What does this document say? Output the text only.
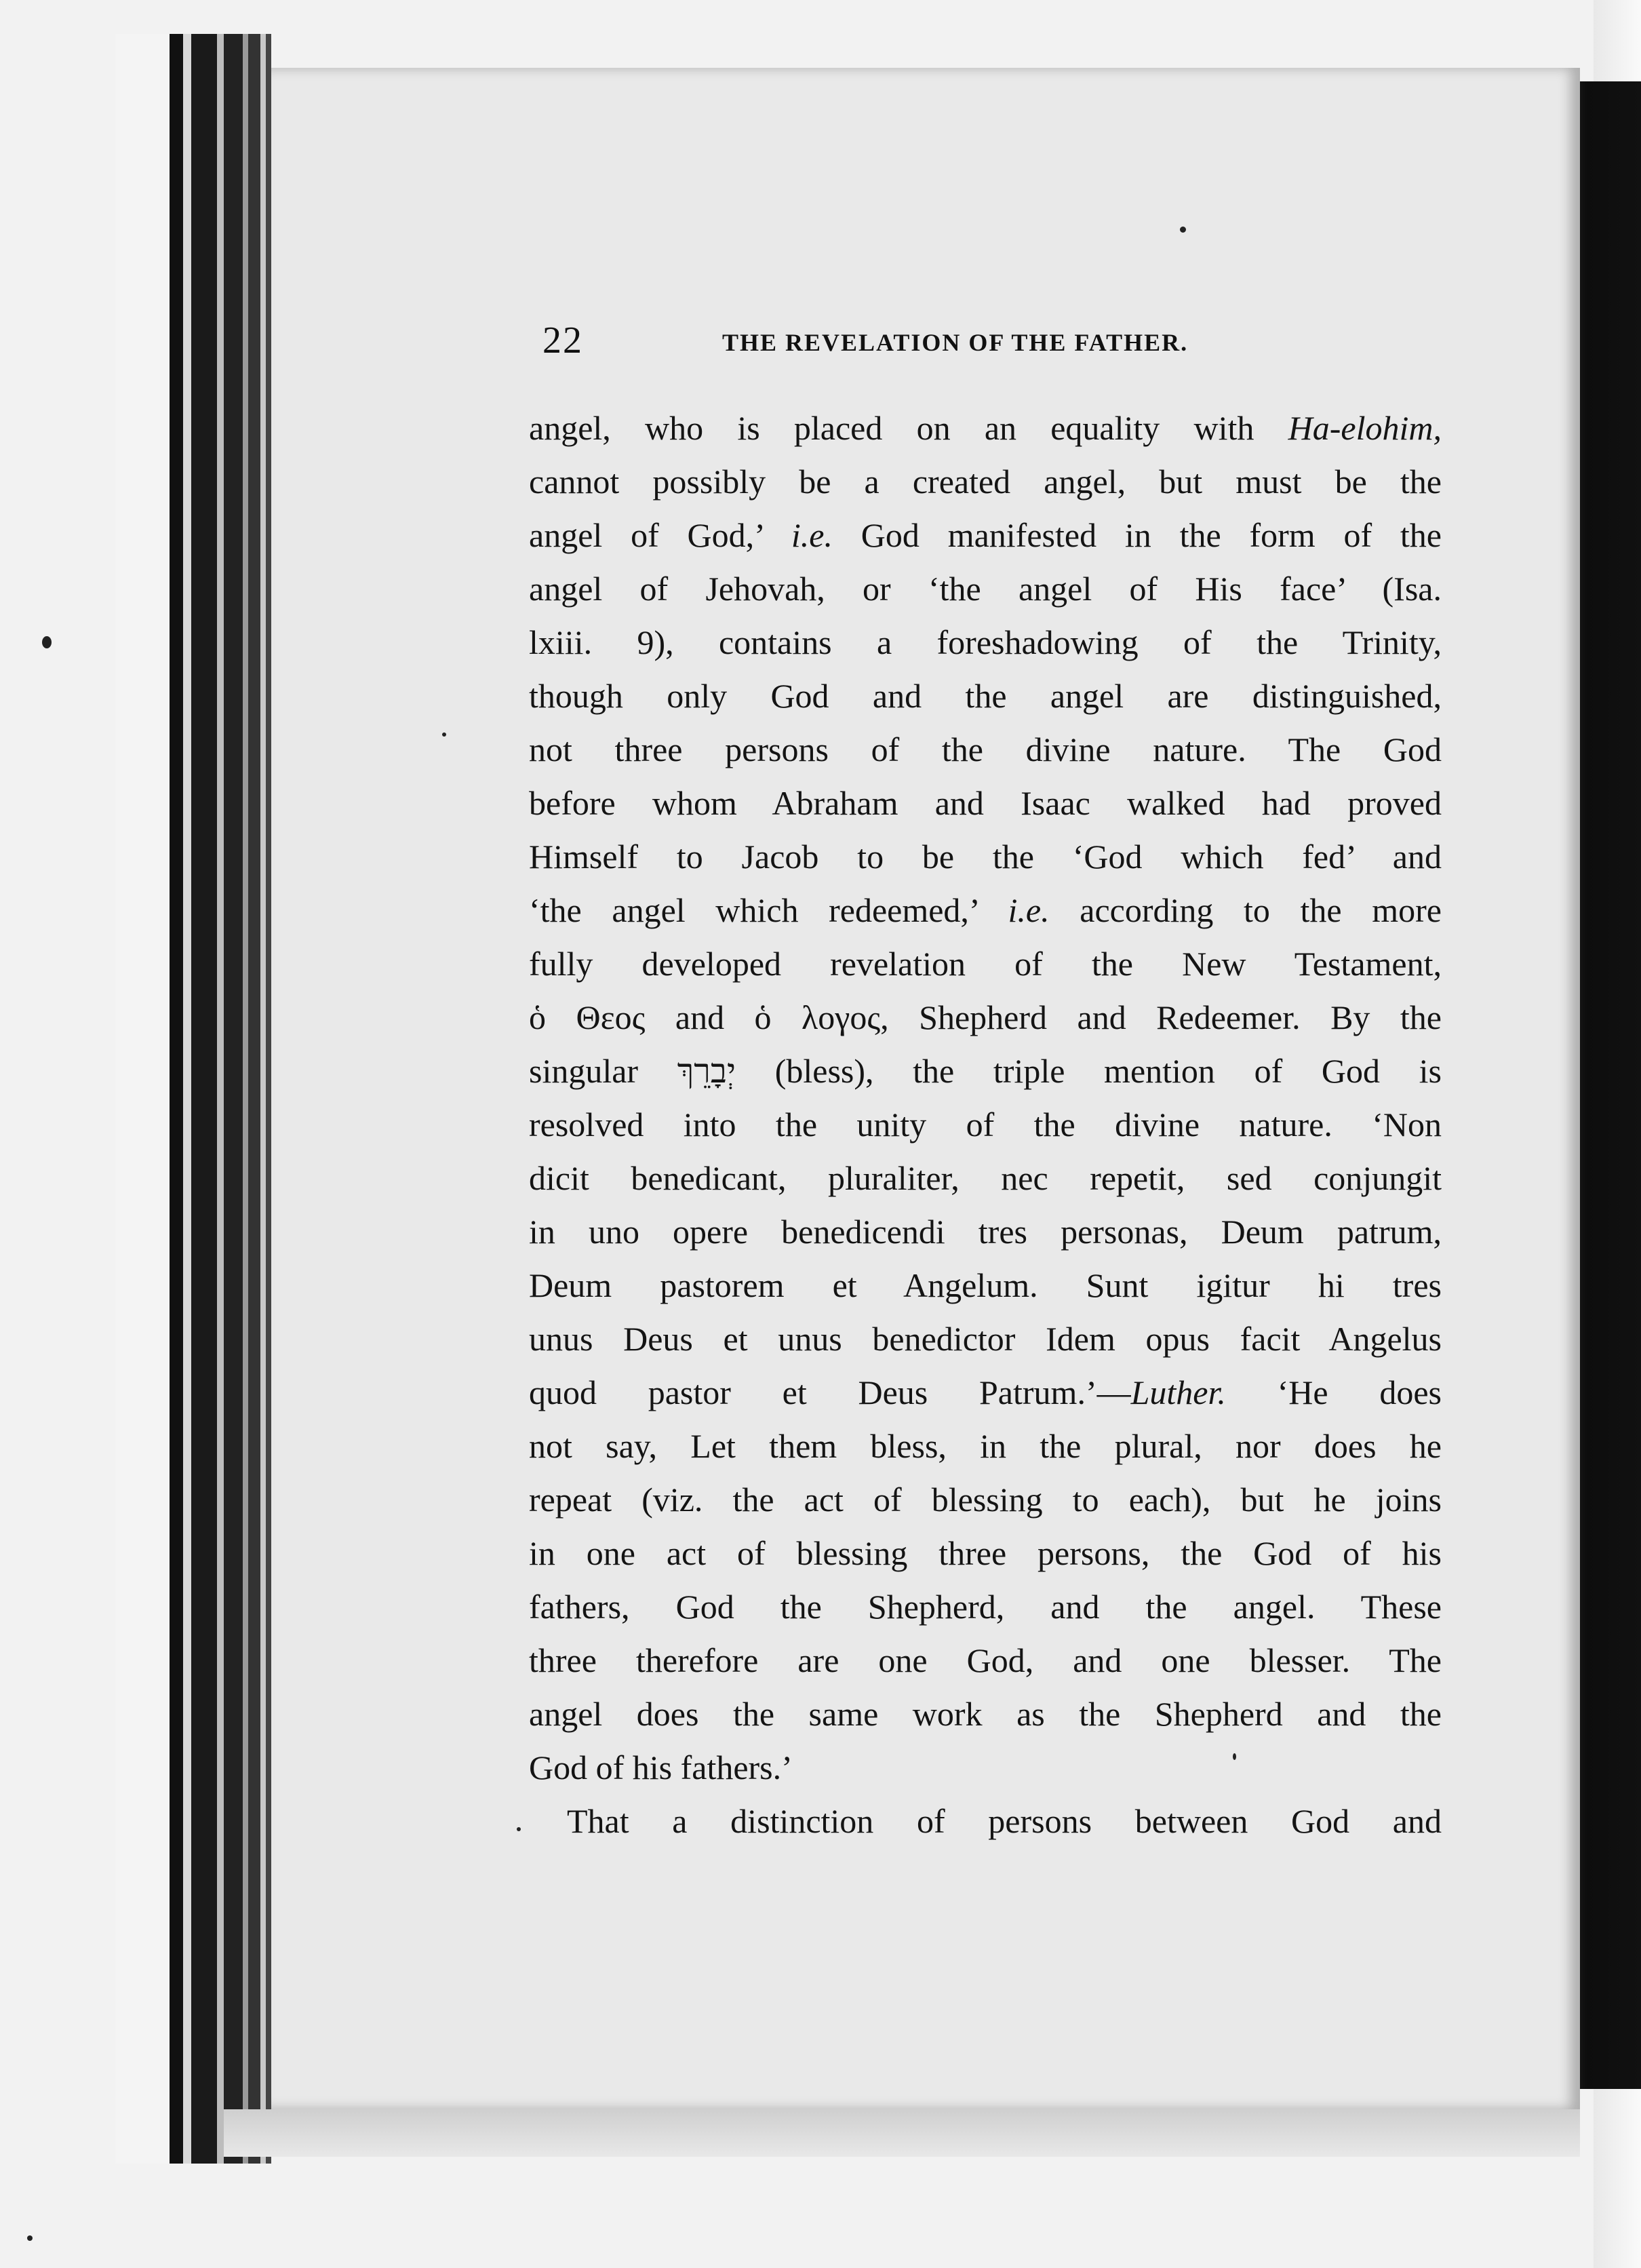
22	THE REVELATION OF THE FATHER.
angel, who is placed on an equality with Ha-elohim,
cannot possibly be a created angel, but must be the
angel of God,’ i.e. God manifested in the form of the
angel of Jehovah, or ‘the angel of His face’ (Isa.
lxiii. 9), contains a foreshadowing of the Trinity,
though only God and the angel are distinguished,
not three persons of the divine nature. The God
before whom Abraham and Isaac walked had proved
Himself to Jacob to be the ‘God which fed’ and
‘the angel which redeemed,’ i.e. according to the more
fully developed revelation of the New Testament,
ὁ Θεος and ὁ λογος, Shepherd and Redeemer. By the
singular יְבָרֵךְ (bless), the triple mention of God is
resolved into the unity of the divine nature. ‘Non
dicit benedicant, pluraliter, nec repetit, sed conjungit
in uno opere benedicendi tres personas, Deum patrum,
Deum pastorem et Angelum. Sunt igitur hi tres
unus Deus et unus benedictor Idem opus facit Angelus
quod pastor et Deus Patrum.’—Luther. ‘He does
not say, Let them bless, in the plural, nor does he
repeat (viz. the act of blessing to each), but he joins
in one act of blessing three persons, the God of his
fathers, God the Shepherd, and the angel. These
three therefore are one God, and one blesser. The
angel does the same work as the Shepherd and the
God of his fathers.’
That a distinction of persons between God and
